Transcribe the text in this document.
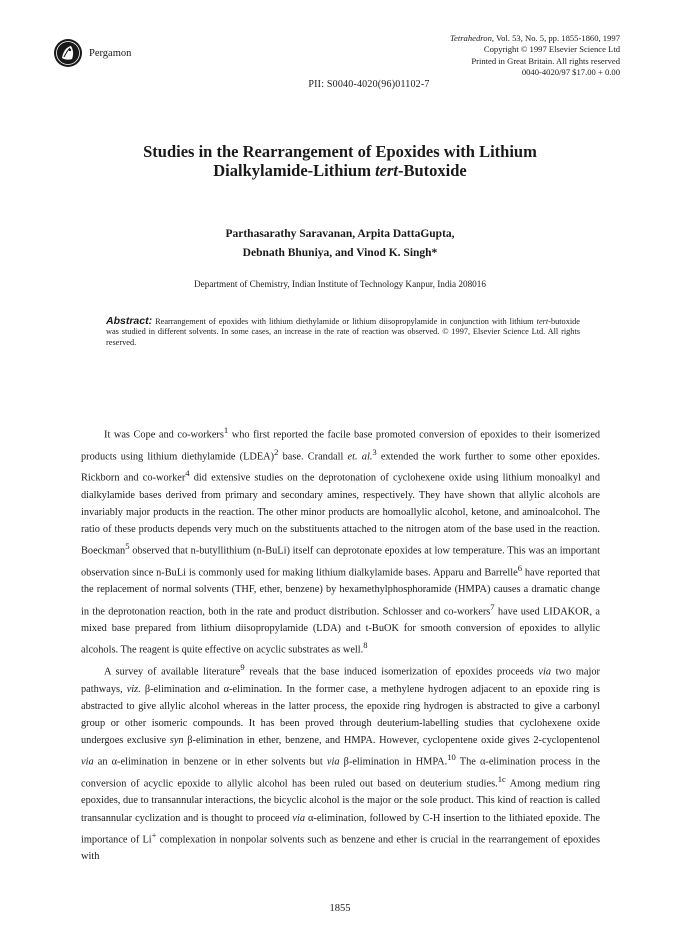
Pergamon
Tetrahedron, Vol. 53, No. 5, pp. 1855-1860, 1997
Copyright © 1997 Elsevier Science Ltd
Printed in Great Britain. All rights reserved
0040-4020/97 $17.00 + 0.00
PII: S0040-4020(96)01102-7
Studies in the Rearrangement of Epoxides with Lithium
Dialkylamide-Lithium tert-Butoxide
Parthasarathy Saravanan, Arpita DattaGupta,
Debnath Bhuniya, and Vinod K. Singh*
Department of Chemistry, Indian Institute of Technology Kanpur, India 208016
Abstract: Rearrangement of epoxides with lithium diethylamide or lithium diisopropylamide in conjunction with lithium tert-butoxide was studied in different solvents. In some cases, an increase in the rate of reaction was observed. © 1997, Elsevier Science Ltd. All rights reserved.

It was Cope and co-workers$^1$ who first reported the facile base promoted conversion of epoxides to their isomerized products using lithium diethylamide (LDEA)$^2$ base. Crandall et. al.$^3$ extended the work further to some other epoxides. Rickborn and co-worker$^4$ did extensive studies on the deprotonation of cyclohexene oxide using lithium monoalkyl and dialkylamide bases derived from primary and secondary amines, respectively. They have shown that allylic alcohols are invariably major products in the reaction. The other minor products are homoallylic alcohol, ketone, and aminoalcohol. The ratio of these products depends very much on the substituents attached to the nitrogen atom of the base used in the reaction. Boeckman$^5$ observed that n-butyllithium (n-BuLi) itself can deprotonate epoxides at low temperature. This was an important observation since n-BuLi is commonly used for making lithium dialkylamide bases. Apparu and Barrelle$^6$ have reported that the replacement of normal solvents (THF, ether, benzene) by hexamethylphosphoramide (HMPA) causes a dramatic change in the deprotonation reaction, both in the rate and product distribution. Schlosser and co-workers$^7$ have used LIDAKOR, a mixed base prepared from lithium diisopropylamide (LDA) and t-BuOK for smooth conversion of epoxides to allylic alcohols. The reagent is quite effective on acyclic substrates as well.$^8$

A survey of available literature$^9$ reveals that the base induced isomerization of epoxides proceeds via two major pathways, viz. β-elimination and α-elimination. In the former case, a methylene hydrogen adjacent to an epoxide ring is abstracted to give allylic alcohol whereas in the latter process, the epoxide ring hydrogen is abstracted to give a carbonyl group or other isomeric compounds. It has been proved through deuterium-labelling studies that cyclohexene oxide undergoes exclusive syn β-elimination in ether, benzene, and HMPA. However, cyclopentene oxide gives 2-cyclopentenol via an α-elimination in benzene or in ether solvents but via β-elimination in HMPA.$^{10}$ The α-elimination process in the conversion of acyclic epoxide to allylic alcohol has been ruled out based on deuterium studies.$^{1c}$ Among medium ring epoxides, due to transannular interactions, the bicyclic alcohol is the major or the sole product. This kind of reaction is called transannular cyclization and is thought to proceed via α-elimination, followed by C-H insertion to the lithiated epoxide. The importance of Li+ complexation in nonpolar solvents such as benzene and ether is crucial in the rearrangement of epoxides with

1855
